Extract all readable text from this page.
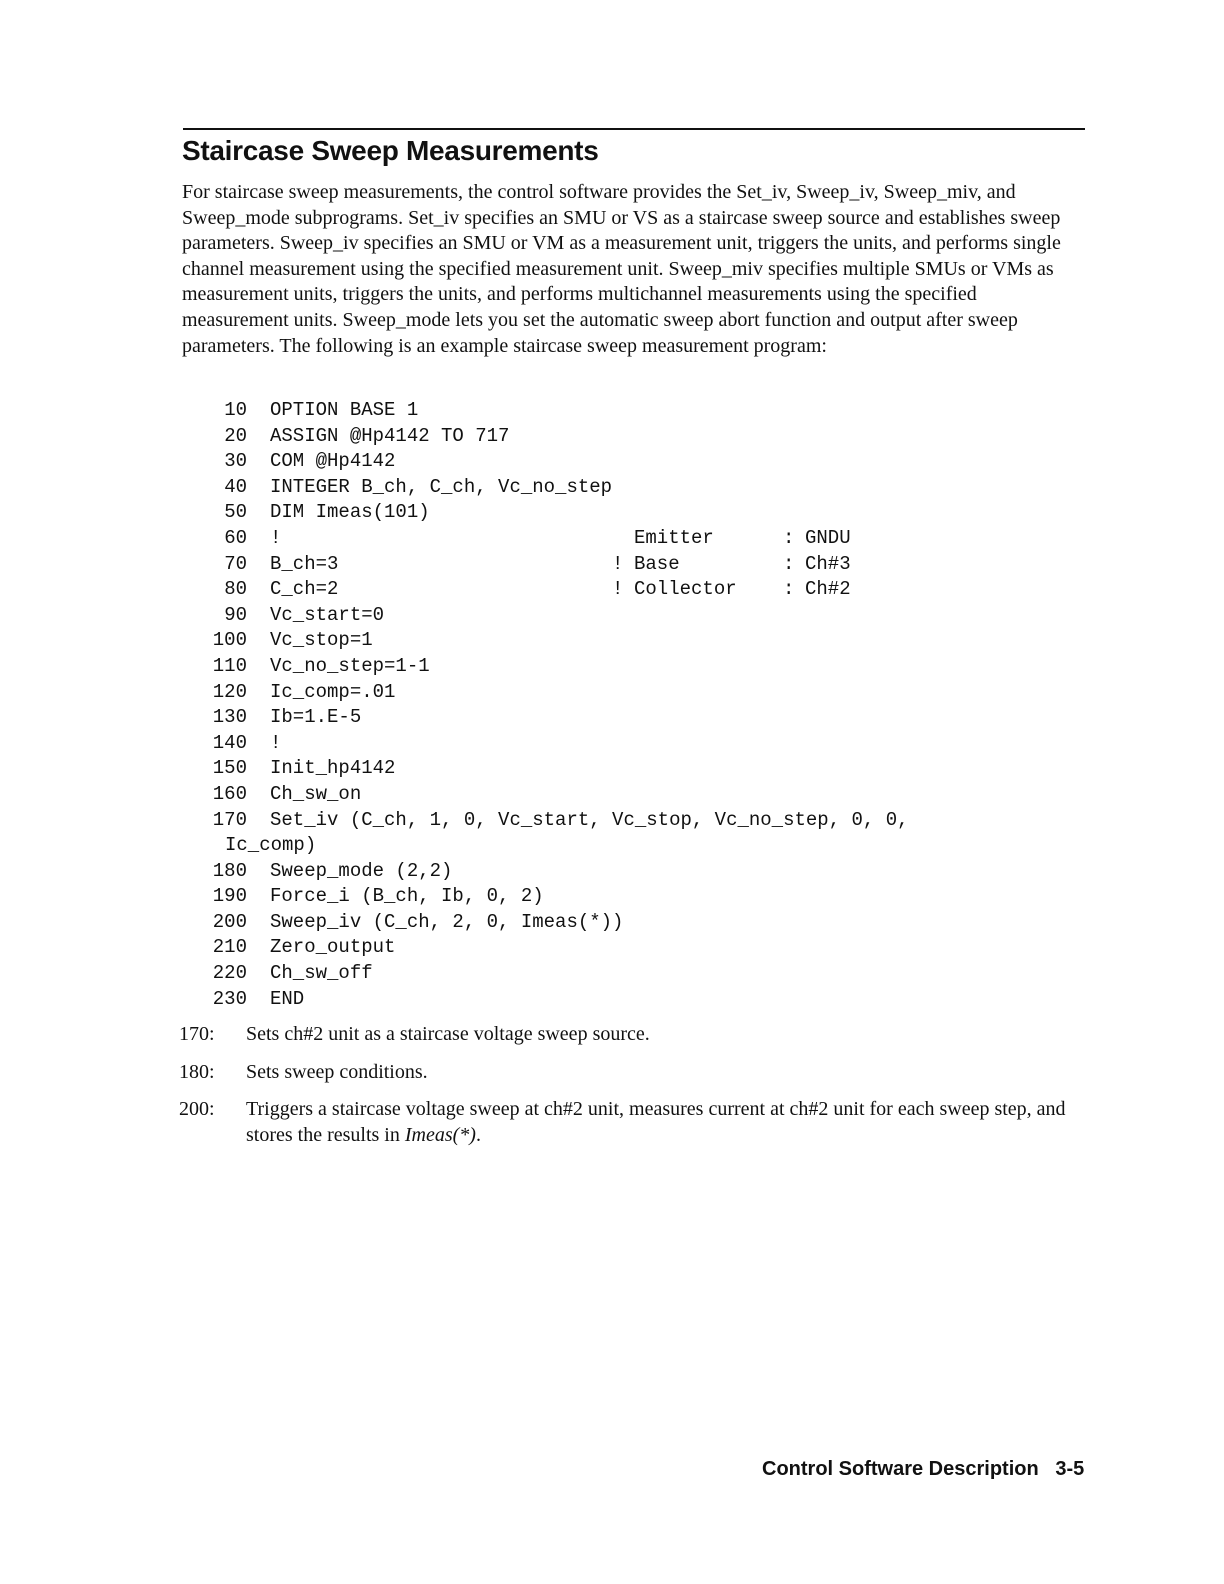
Staircase Sweep Measurements

For staircase sweep measurements, the control software provides the Set_iv, Sweep_iv, Sweep_miv, and Sweep_mode subprograms. Set_iv specifies an SMU or VS as a staircase sweep source and establishes sweep parameters. Sweep_iv specifies an SMU or VM as a measurement unit, triggers the units, and performs single channel measurement using the specified measurement unit. Sweep_miv specifies multiple SMUs or VMs as measurement units, triggers the units, and performs multichannel measurements using the specified measurement units. Sweep_mode lets you set the automatic sweep abort function and output after sweep parameters. The following is an example staircase sweep measurement program:

10 OPTION BASE 1
20 ASSIGN @Hp4142 TO 717
30 COM @Hp4142
40 INTEGER B_ch, C_ch, Vc_no_step
50 DIM Imeas(101)
60 !	Emitter	: GNDU
70 B_ch=3	! Base	: Ch#3
80 C_ch=2	! Collector : Ch#2
90 Vc_start=0
100 Vc_stop=1
110 Vc_no_step=1-1
120 Ic_comp=.01
130 Ib=1.E-5
140 !
150 Init_hp4142
160 Ch_sw_on
170 Set_iv (C_ch, 1, 0, Vc_start, Vc_stop, Vc_no_step, 0, 0,
Ic_comp)
180 Sweep_mode (2,2)
190 Force_i (B_ch, Ib, 0, 2)
200 Sweep_iv (C_ch, 2, 0, Imeas(*))
210 Zero_output
220 Ch_sw_off
230 END
170: Sets ch#2 unit as a staircase voltage sweep source.
180: Sets sweep conditions.
200: Triggers a staircase voltage sweep at ch#2 unit, measures current at ch#2 unit for each sweep step, and stores the results in Imeas(*).
Control Software Description 3-5
